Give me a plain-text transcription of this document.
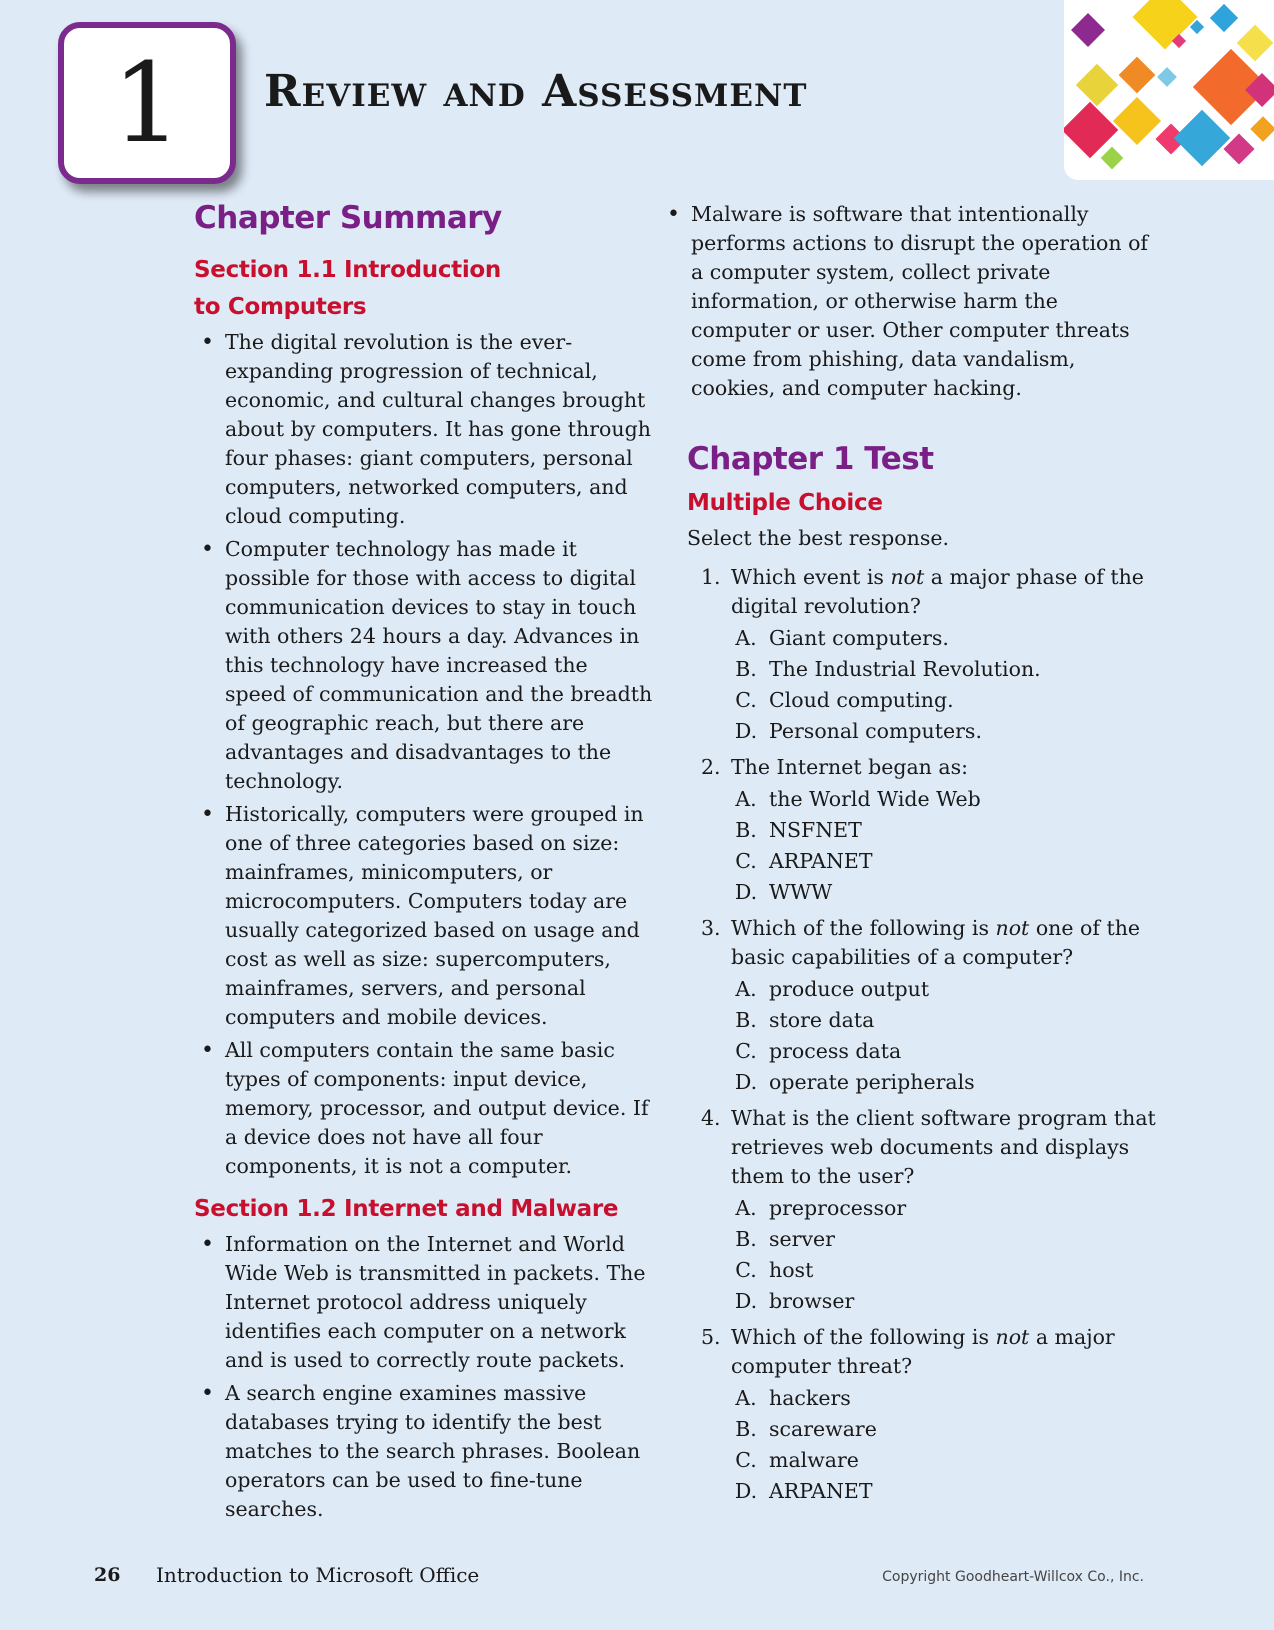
1 Review and Assessment
Chapter Summary
Section 1.1 Introduction to Computers
• The digital revolution is the ever-expanding progression of technical, economic, and cultural changes brought about by computers. It has gone through four phases: giant computers, personal computers, networked computers, and cloud computing.
• Computer technology has made it possible for those with access to digital communication devices to stay in touch with others 24 hours a day. Advances in this technology have increased the speed of communication and the breadth of geographic reach, but there are advantages and disadvantages to the technology.
• Historically, computers were grouped in one of three categories based on size: mainframes, minicomputers, or microcomputers. Computers today are usually categorized based on usage and cost as well as size: supercomputers, mainframes, servers, and personal computers and mobile devices.
• All computers contain the same basic types of components: input device, memory, processor, and output device. If a device does not have all four components, it is not a computer.
Section 1.2 Internet and Malware
• Information on the Internet and World Wide Web is transmitted in packets. The Internet protocol address uniquely identifies each computer on a network and is used to correctly route packets.
• A search engine examines massive databases trying to identify the best matches to the search phrases. Boolean operators can be used to fine-tune searches.
• Malware is software that intentionally performs actions to disrupt the operation of a computer system, collect private information, or otherwise harm the computer or user. Other computer threats come from phishing, data vandalism, cookies, and computer hacking.
Chapter 1 Test
Multiple Choice

Select the best response.

1. Which event is not a major phase of the digital revolution?
A. Giant computers.
B. The Industrial Revolution.
C. Cloud computing.
D. Personal computers.
2. The Internet began as:
A. the World Wide Web
B. NSFNET
C. ARPANET
D. WWW
3. Which of the following is not one of the basic capabilities of a computer?
A. produce output
B. store data
C. process data
D. operate peripherals
4. What is the client software program that retrieves web documents and displays them to the user?
A. preprocessor
B. server
C. host
D. browser
5. Which of the following is not a major computer threat?
A. hackers
B. scareware
C. malware
D. ARPANET
26 Introduction to Microsoft Office	Copyright Goodheart-Willcox Co., Inc.
